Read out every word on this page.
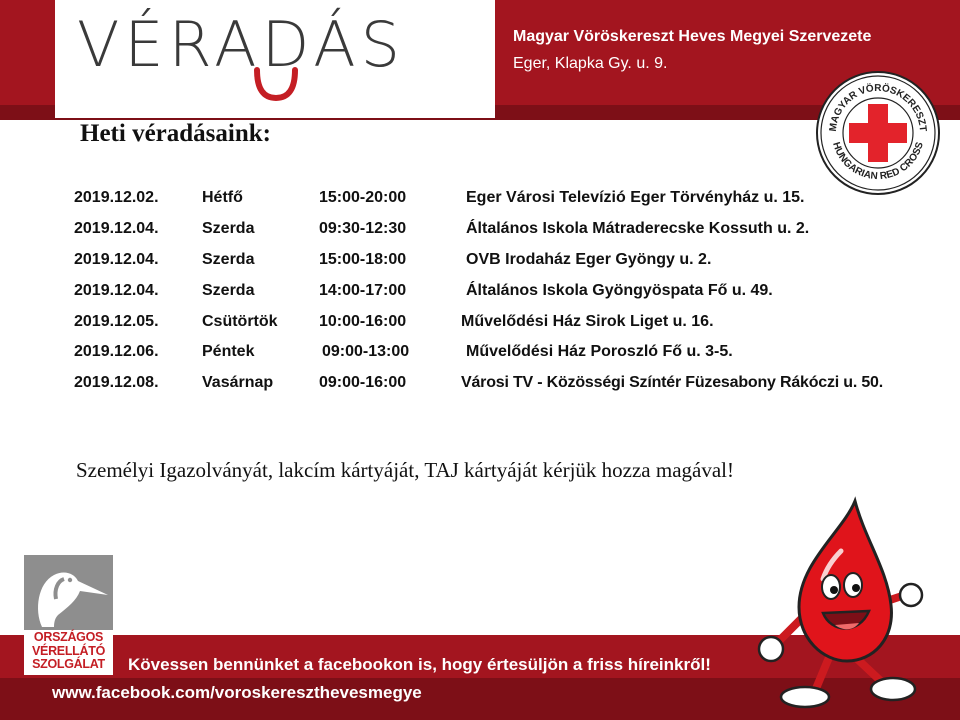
VÉRADÁS	Magyar Vöröskereszt Heves Megyei Szervezete
Eger, Klapka Gy. u. 9.
MAGYAR VÖRÖSKERESZT
HUNGARIAN RED CROSS
Heti véradásaink:
2019.12.02.	Hétfő	15:00-20:00	Eger Városi Televízió Eger Törvényház u. 15.
2019.12.04.	Szerda	09:30-12:30	Általános Iskola Mátraderecske Kossuth u. 2.
2019.12.04.	Szerda	15:00-18:00	OVB Irodaház Eger Gyöngy u. 2.
2019.12.04.	Szerda	14:00-17:00	Általános Iskola Gyöngyöspata Fő u. 49.
2019.12.05.	Csütörtök	10:00-16:00	Művelődési Ház Sirok Liget u. 16.
2019.12.06.	Péntek	09:00-13:00	Művelődési Ház Poroszló Fő u. 3-5.
2019.12.08.	Vasárnap	09:00-16:00	Városi TV - Közösségi Színtér Füzesabony Rákóczi u. 50.
Személyi Igazolványát, lakcím kártyáját, TAJ kártyáját kérjük hozza magával!
ORSZÁGOS
VÉRELLÁTÓ
SZOLGÁLAT	Kövessen bennünket a facebookon is, hogy értesüljön a friss híreinkről!
www.facebook.com/voroskereszthevesmegye
